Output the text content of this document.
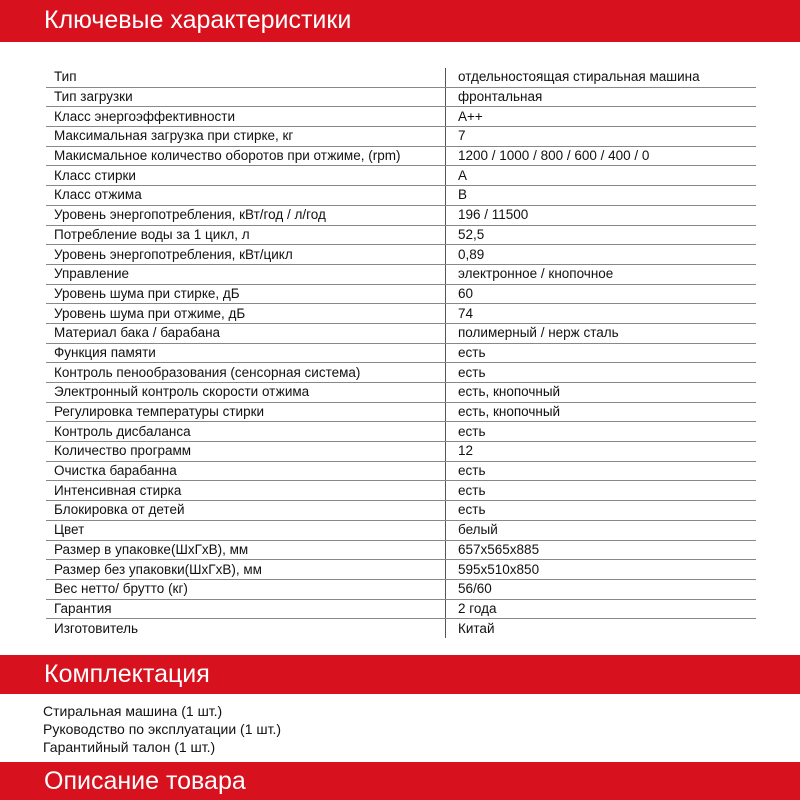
Ключевые характеристики
Тип	отдельностоящая стиральная машина
Тип загрузки	фронтальная
Класс энергоэффективности	A++
Максимальная загрузка при стирке, кг	7
Макисмальное количество оборотов при отжиме, (rpm)	1200 / 1000 / 800 / 600 / 400 / 0
Класс стирки	A
Класс отжима	B
Уровень энергопотребления, кВт/год / л/год	196 / 11500
Потребление воды за 1 цикл, л	52,5
Уровень энергопотребления, кВт/цикл	0,89
Управление	электронное / кнопочное
Уровень шума при стирке, дБ	60
Уровень шума при отжиме, дБ	74
Материал бака / барабана	полимерный / нерж сталь
Функция памяти	есть
Контроль пенообразования (сенсорная система)	есть
Электронный контроль скорости отжима	есть, кнопочный
Регулировка температуры стирки	есть, кнопочный
Контроль дисбаланса	есть
Количество программ	12
Очистка барабанна	есть
Интенсивная стирка	есть
Блокировка от детей	есть
Цвет	белый
Размер в упаковке(ШхГхВ), мм	657x565x885
Размер без упаковки(ШхГхВ), мм	595x510x850
Вес нетто/ брутто (кг)	56/60
Гарантия	2 года
Изготовитель	Китай
Комплектация
Стиральная машина (1 шт.)
Руководство по эксплуатации (1 шт.)
Гарантийный талон (1 шт.)
Описание товара
